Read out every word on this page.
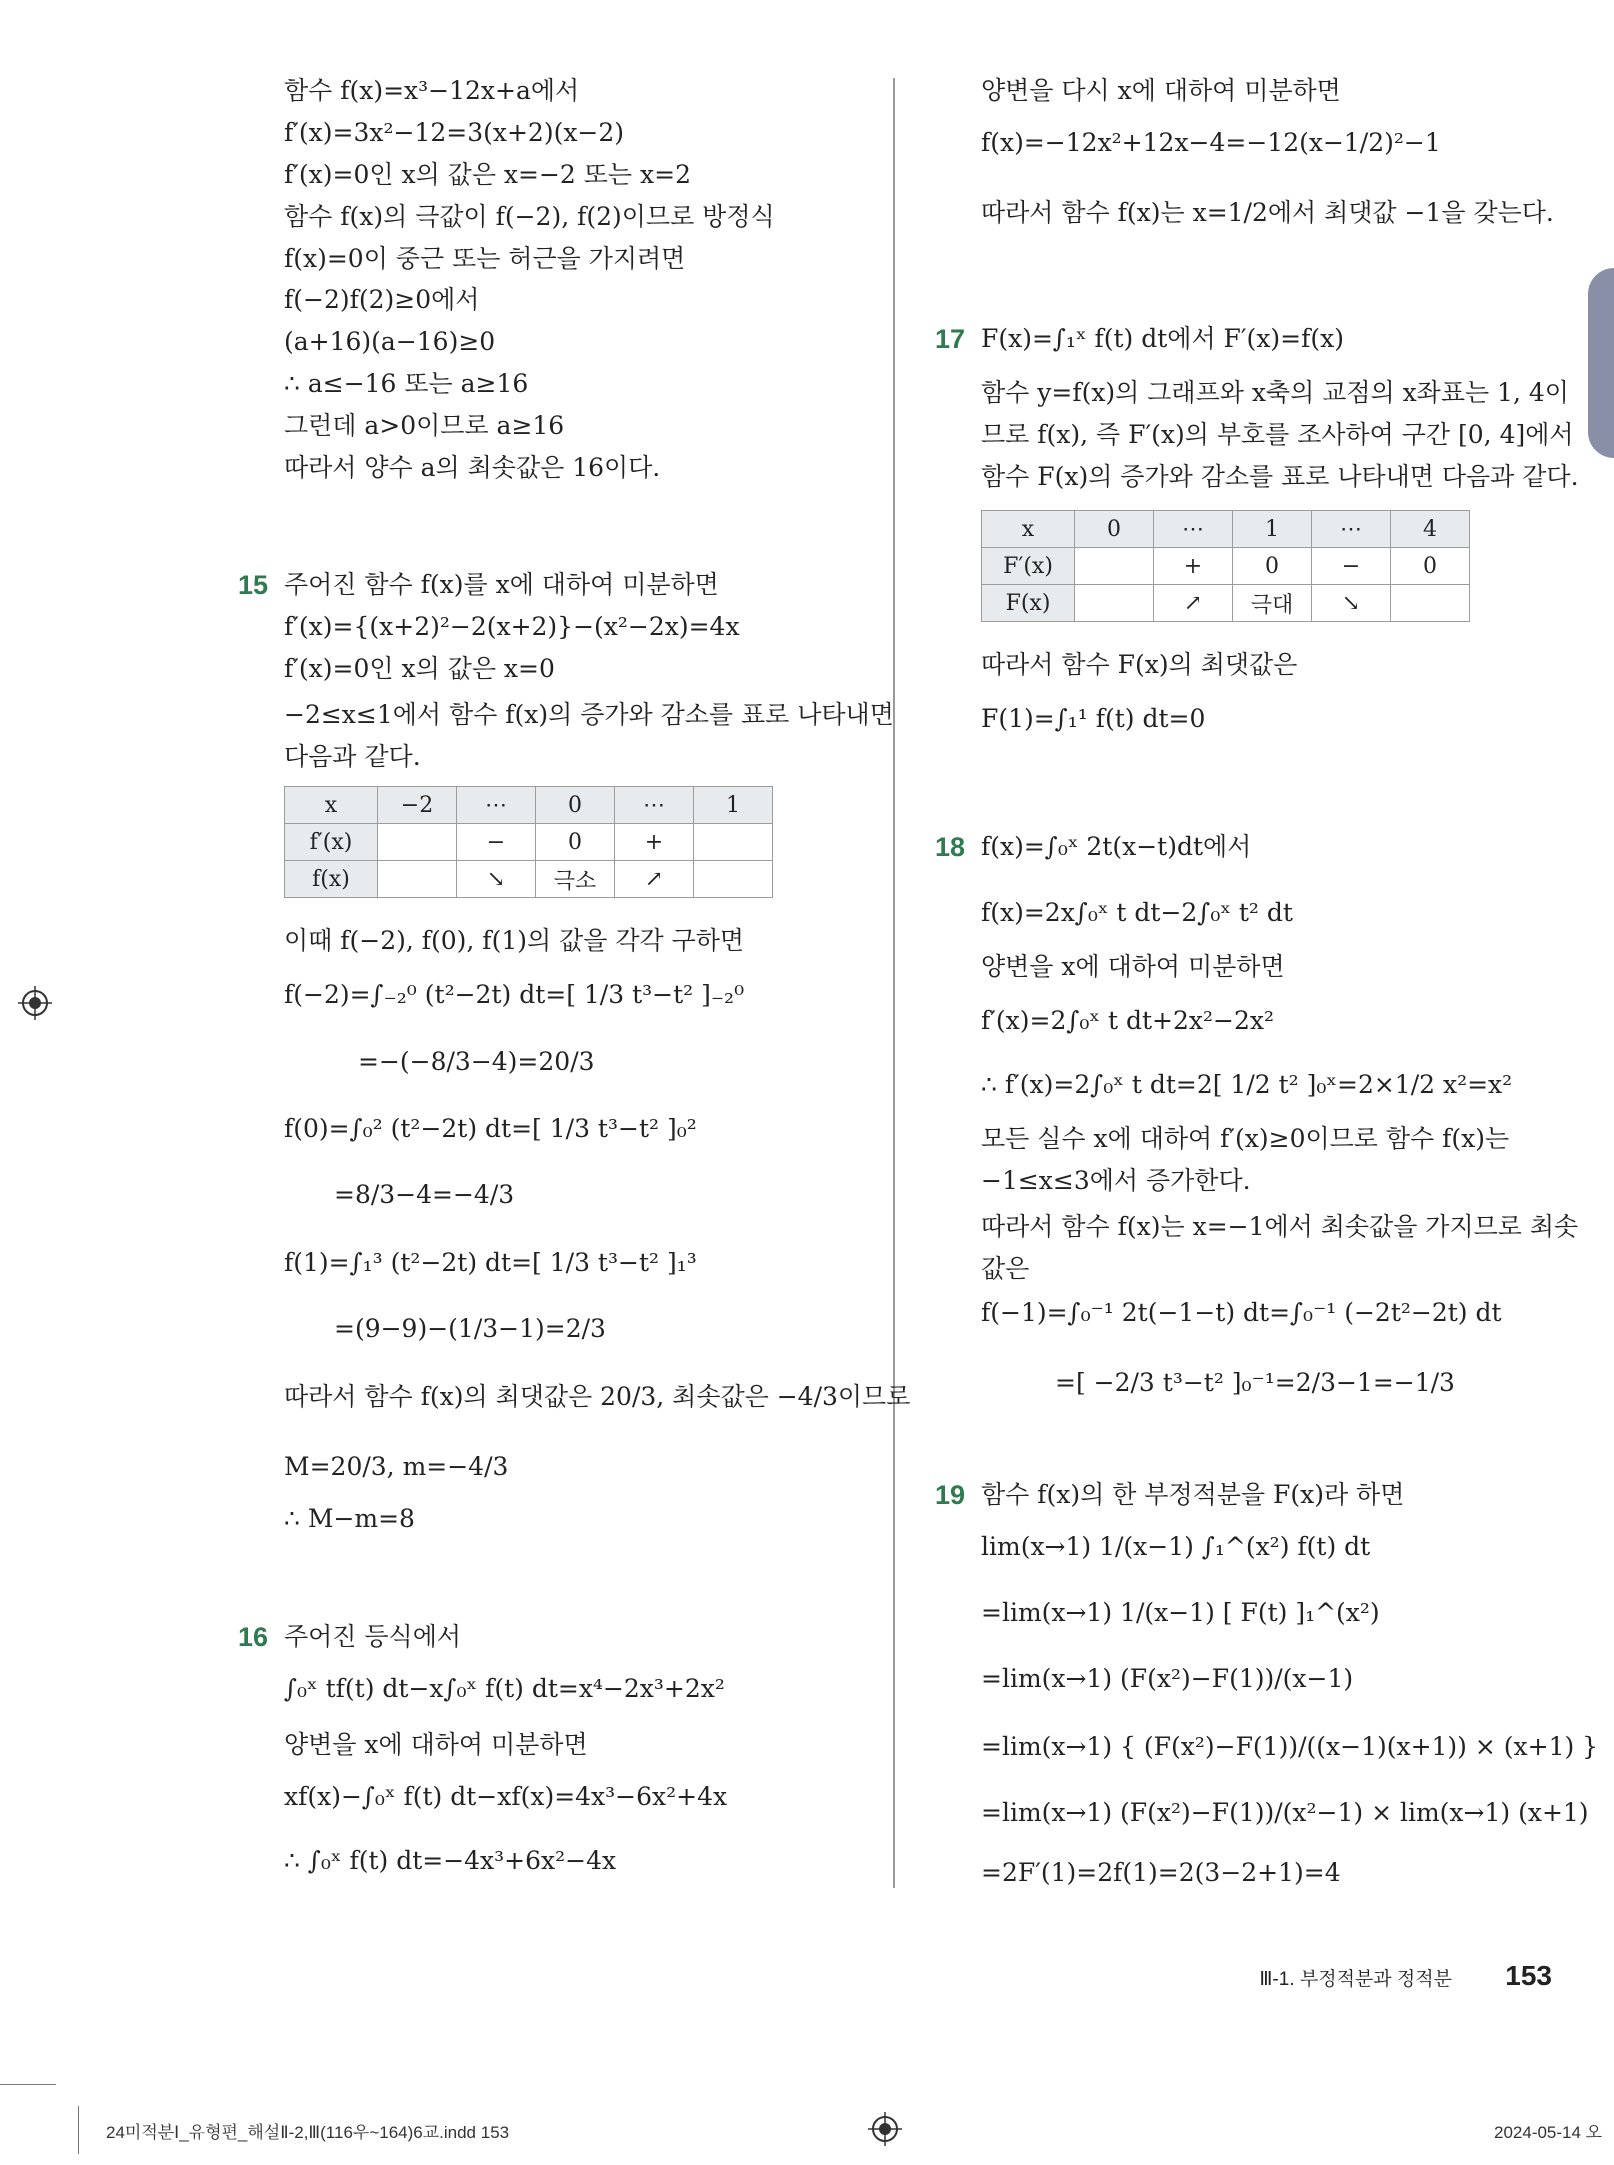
함수 f(x)=x³−12x+a에서
f′(x)=3x²−12=3(x+2)(x−2)
f′(x)=0인 x의 값은 x=−2 또는 x=2
함수 f(x)의 극값이 f(−2), f(2)이므로 방정식
f(x)=0이 중근 또는 허근을 가지려면
f(−2)f(2)≥0에서
(a+16)(a−16)≥0
∴ a≤−16 또는 a≥16
그런데 a>0이므로 a≥16
따라서 양수 a의 최솟값은 16이다.
15 주어진 함수 f(x)를 x에 대하여 미분하면
f′(x)={(x+2)²−2(x+2)}−(x²−2x)=4x
f′(x)=0인 x의 값은 x=0
−2≤x≤1에서 함수 f(x)의 증가와 감소를 표로 나타내면 다음과 같다.
x	−2	⋯	0	⋯	1
f′(x)		−	0	+	
f(x)		↘	극소	↗	
이때 f(−2), f(0), f(1)의 값을 각각 구하면
f(−2)=∫₋₂⁰ (t²−2t) dt=[ 1/3 t³−t² ]₋₂⁰
=−(−8/3−4)=20/3
f(0)=∫₀² (t²−2t) dt=[ 1/3 t³−t² ]₀²
=8/3−4=−4/3
f(1)=∫₁³ (t²−2t) dt=[ 1/3 t³−t² ]₁³
=(9−9)−(1/3−1)=2/3
따라서 함수 f(x)의 최댓값은 20/3, 최솟값은 −4/3이므로
M=20/3, m=−4/3
∴ M−m=8
16 주어진 등식에서
∫₀ˣ tf(t) dt−x∫₀ˣ f(t) dt=x⁴−2x³+2x²
양변을 x에 대하여 미분하면
xf(x)−∫₀ˣ f(t) dt−xf(x)=4x³−6x²+4x
∴ ∫₀ˣ f(t) dt=−4x³+6x²−4x
양변을 다시 x에 대하여 미분하면
f(x)=−12x²+12x−4=−12(x−1/2)²−1
따라서 함수 f(x)는 x=1/2에서 최댓값 −1을 갖는다.
17 F(x)=∫₁ˣ f(t) dt에서 F′(x)=f(x)
함수 y=f(x)의 그래프와 x축의 교점의 x좌표는 1, 4이므로 f(x), 즉 F′(x)의 부호를 조사하여 구간 [0, 4]에서 함수 F(x)의 증가와 감소를 표로 나타내면 다음과 같다.
x	0	⋯	1	⋯	4
F′(x)		+	0	−	0
F(x)		↗	극대	↘	
따라서 함수 F(x)의 최댓값은
F(1)=∫₁¹ f(t) dt=0
18 f(x)=∫₀ˣ 2t(x−t)dt에서
f(x)=2x∫₀ˣ t dt−2∫₀ˣ t² dt
양변을 x에 대하여 미분하면
f′(x)=2∫₀ˣ t dt+2x²−2x²
∴ f′(x)=2∫₀ˣ t dt=2[ 1/2 t² ]₀ˣ=2×1/2 x²=x²
모든 실수 x에 대하여 f′(x)≥0이므로 함수 f(x)는
−1≤x≤3에서 증가한다.
따라서 함수 f(x)는 x=−1에서 최솟값을 가지므로 최솟값은
f(−1)=∫₀⁻¹ 2t(−1−t) dt=∫₀⁻¹ (−2t²−2t) dt
=[ −2/3 t³−t² ]₀⁻¹=2/3−1=−1/3
19 함수 f(x)의 한 부정적분을 F(x)라 하면
lim(x→1) 1/(x−1) ∫₁^(x²) f(t) dt
=lim(x→1) 1/(x−1) [ F(t) ]₁^(x²)
=lim(x→1) (F(x²)−F(1))/(x−1)
=lim(x→1) { (F(x²)−F(1))/((x−1)(x+1)) × (x+1) }
=lim(x→1) (F(x²)−F(1))/(x²−1) × lim(x→1) (x+1)
=2F′(1)=2f(1)=2(3−2+1)=4
Ⅲ-1. 부정적분과 정적분 153
24미적분Ⅰ_유형편_해설Ⅱ-2,Ⅲ(116우~164)6교.indd 153	2024-05-14 오
